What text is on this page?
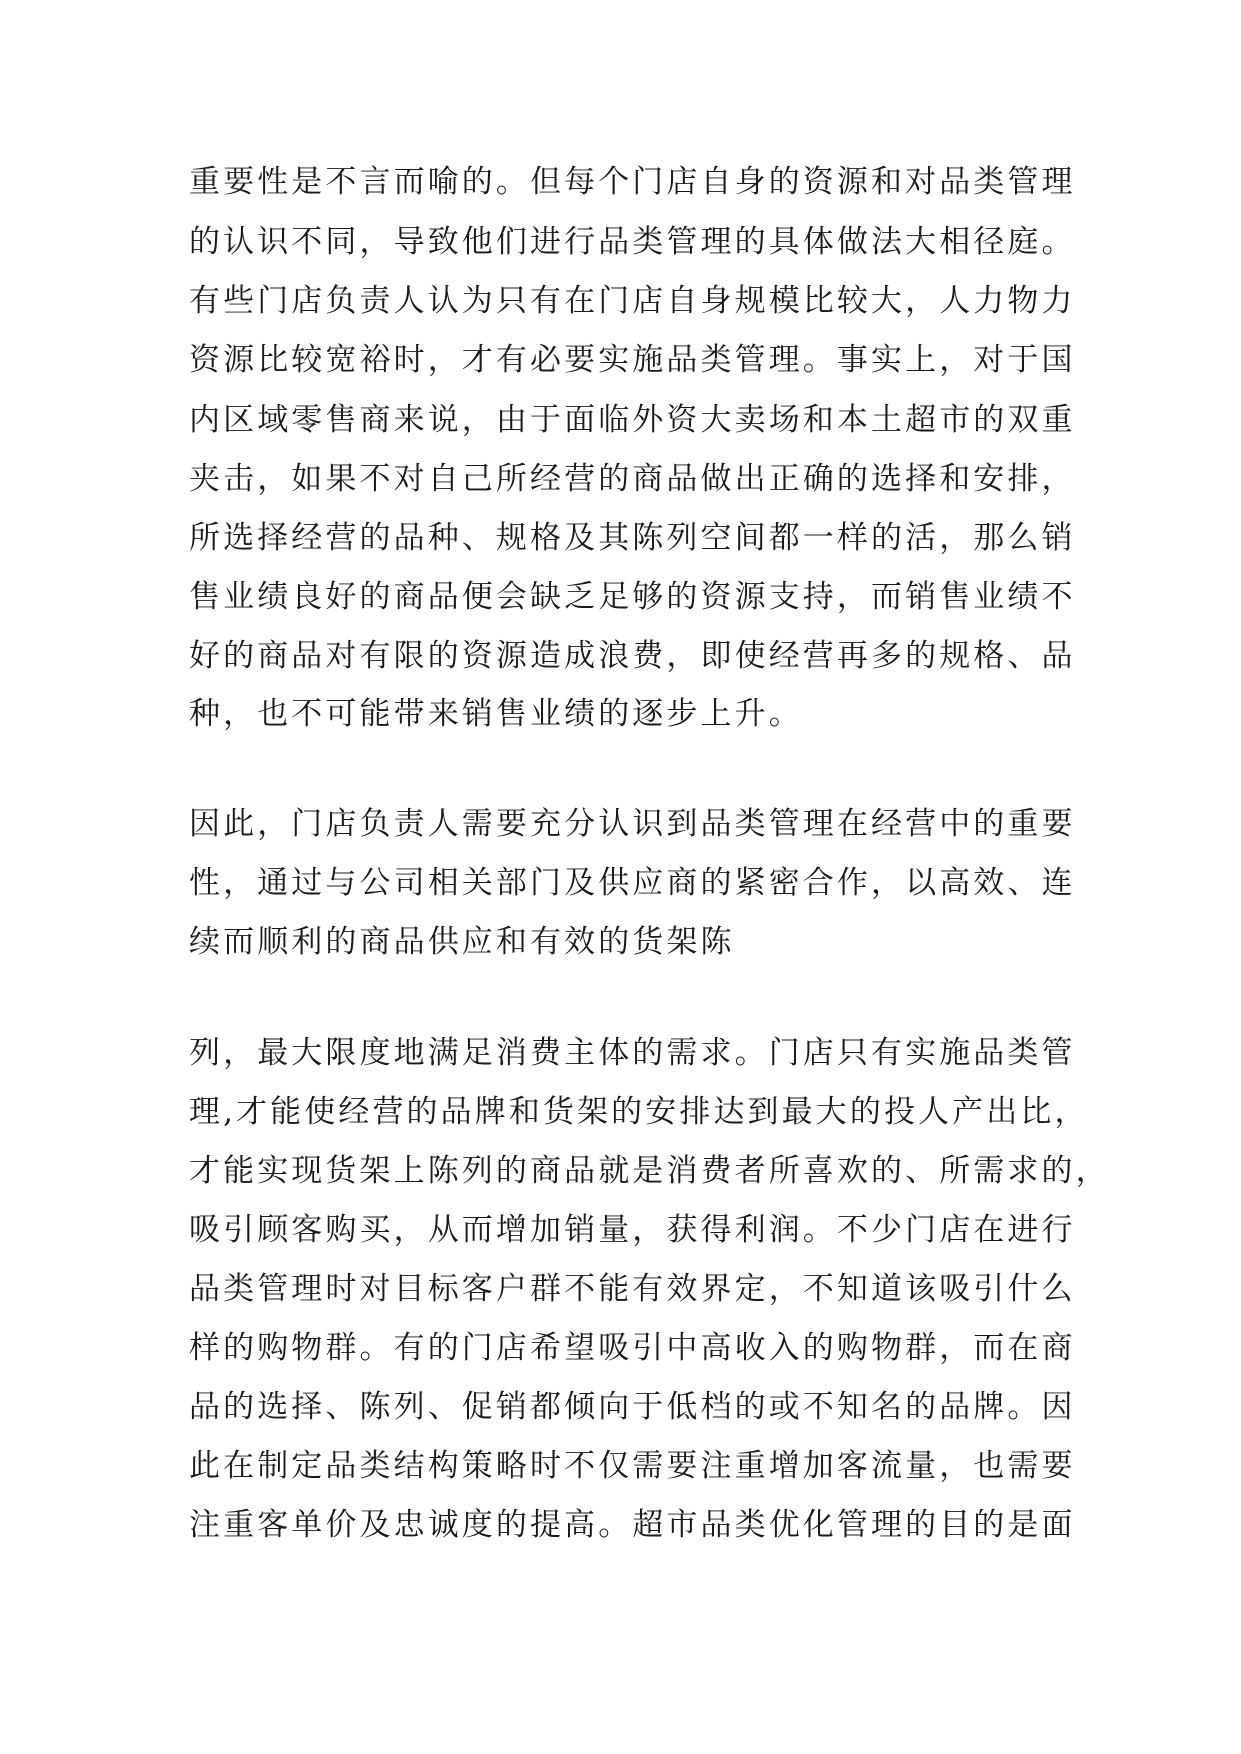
重要性是不言而喻的。但每个门店自身的资源和对品类管理
的认识不同，导致他们进行品类管理的具体做法大相径庭。
有些门店负责人认为只有在门店自身规模比较大，人力物力
资源比较宽裕时，才有必要实施品类管理。事实上，对于国
内区域零售商来说，由于面临外资大卖场和本土超市的双重
夹击，如果不对自己所经营的商品做出正确的选择和安排，
所选择经营的品种、规格及其陈列空间都一样的活，那么销
售业绩良好的商品便会缺乏足够的资源支持，而销售业绩不
好的商品对有限的资源造成浪费，即使经营再多的规格、品
种，也不可能带来销售业绩的逐步上升。
因此，门店负责人需要充分认识到品类管理在经营中的重要
性，通过与公司相关部门及供应商的紧密合作，以高效、连
续而顺利的商品供应和有效的货架陈
列，最大限度地满足消费主体的需求。门店只有实施品类管
理,才能使经营的品牌和货架的安排达到最大的投人产出比，
才能实现货架上陈列的商品就是消费者所喜欢的、所需求的，
吸引顾客购买，从而增加销量，获得利润。不少门店在进行
品类管理时对目标客户群不能有效界定，不知道该吸引什么
样的购物群。有的门店希望吸引中高收入的购物群，而在商
品的选择、陈列、促销都倾向于低档的或不知名的品牌。因
此在制定品类结构策略时不仅需要注重增加客流量，也需要
注重客单价及忠诚度的提高。超市品类优化管理的目的是面
